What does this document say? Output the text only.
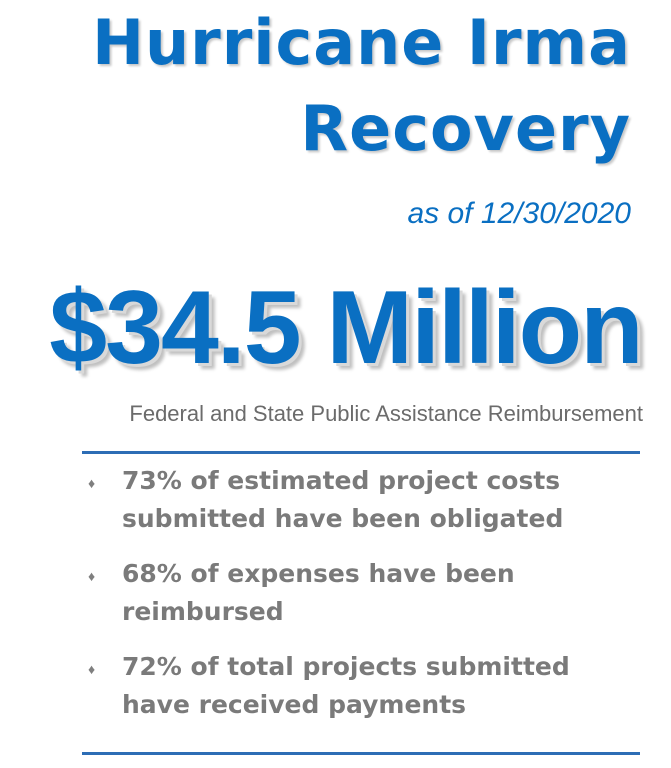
Hurricane Irma
Recovery
as of 12/30/2020
$34.5 Million
Federal and State Public Assistance Reimbursement
♦ 73% of estimated project costs submitted have been obligated
♦ 68% of expenses have been reimbursed
♦ 72% of total projects submitted have received payments
